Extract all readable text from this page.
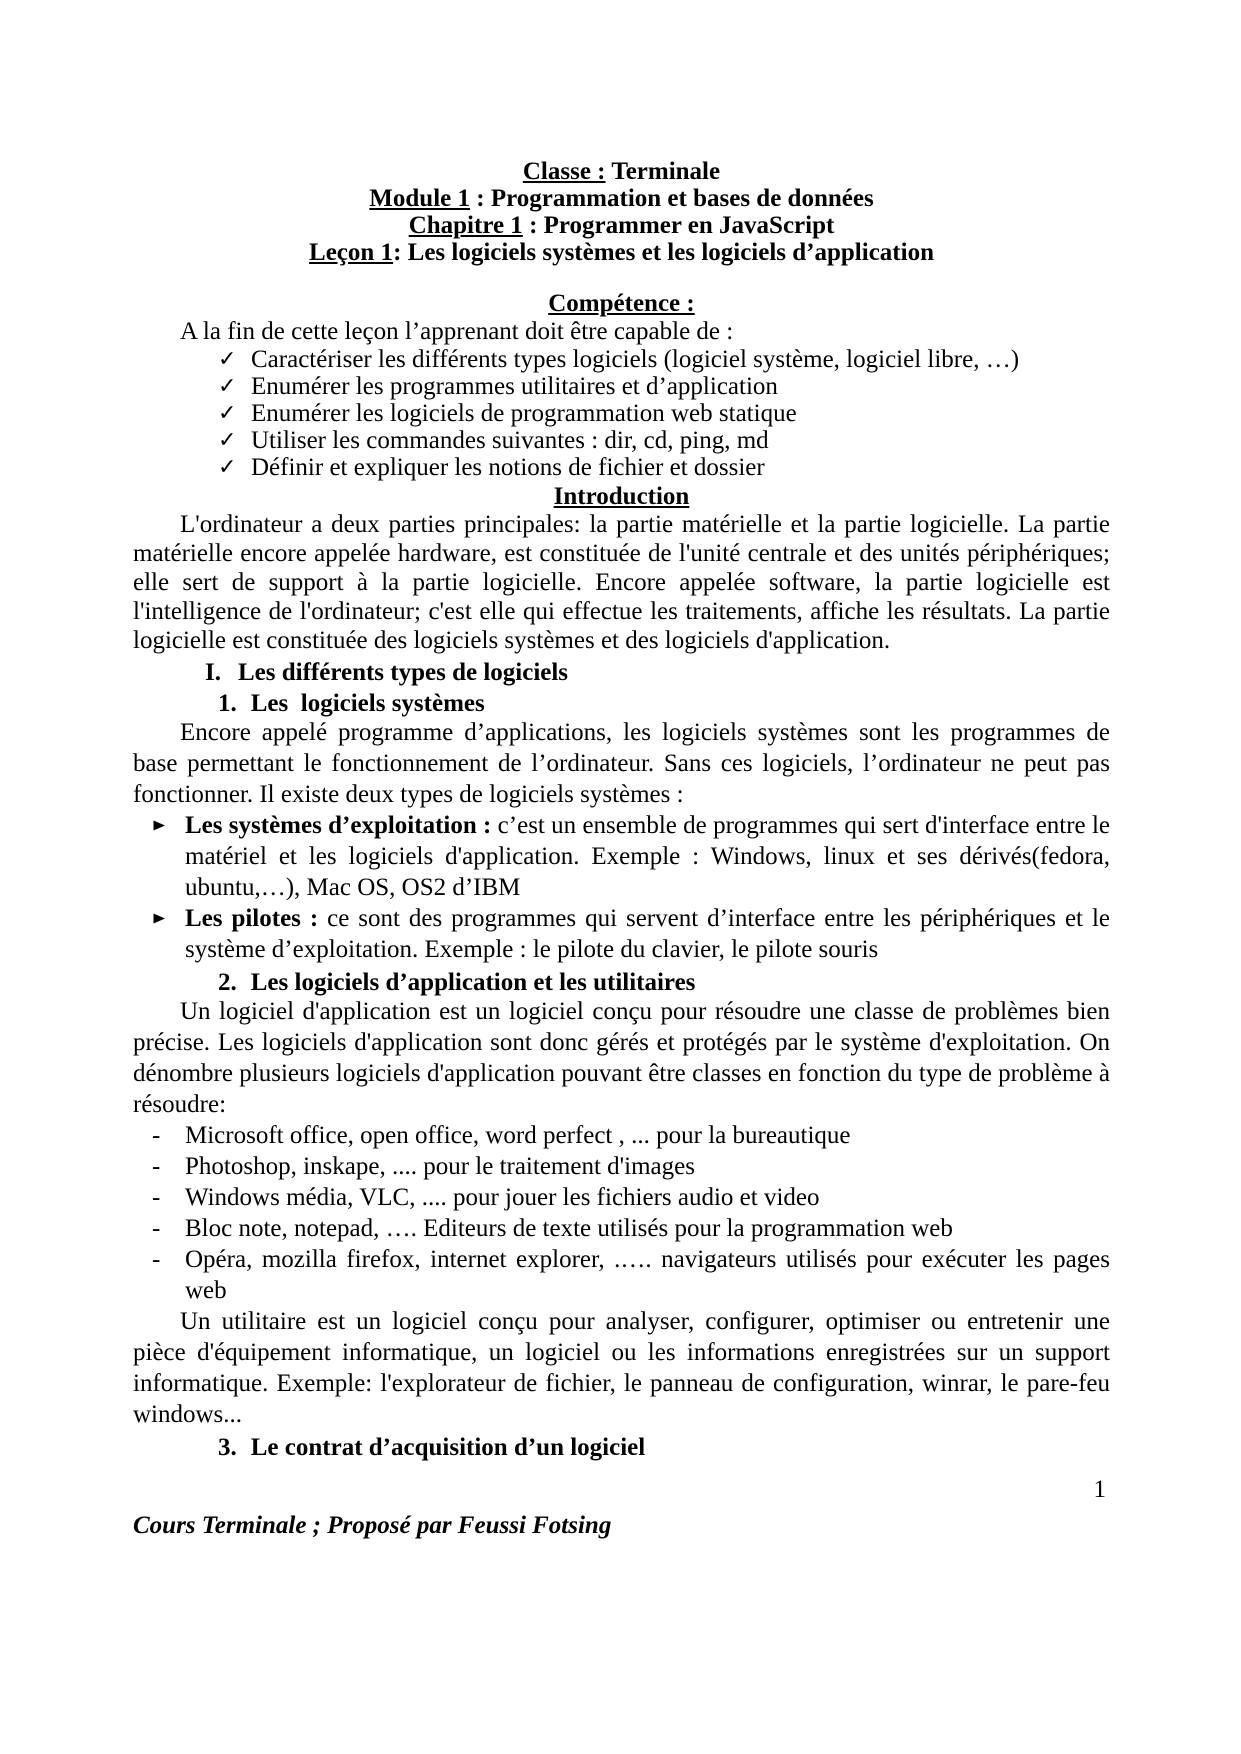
Classe : Terminale
Module 1 : Programmation et bases de données
Chapitre 1 : Programmer en JavaScript
Leçon 1: Les logiciels systèmes et les logiciels d’application
Compétence :

A la fin de cette leçon l’apprenant doit être capable de :

✓ Caractériser les différents types logiciels (logiciel système, logiciel libre, …)
✓ Enumérer les programmes utilitaires et d’application
✓ Enumérer les logiciels de programmation web statique
✓ Utiliser les commandes suivantes : dir, cd, ping, md
✓ Définir et expliquer les notions de fichier et dossier
Introduction

L'ordinateur a deux parties principales: la partie matérielle et la partie logicielle. La partie matérielle encore appelée hardware, est constituée de l'unité centrale et des unités périphériques; elle sert de support à la partie logicielle. Encore appelée software, la partie logicielle est l'intelligence de l'ordinateur; c'est elle qui effectue les traitements, affiche les résultats. La partie logicielle est constituée des logiciels systèmes et des logiciels d'application.

I. Les différents types de logiciels
1. Les  logiciels systèmes

Encore appelé programme d’applications, les logiciels systèmes sont les programmes de base permettant le fonctionnement de l’ordinateur. Sans ces logiciels, l’ordinateur ne peut pas fonctionner. Il existe deux types de logiciels systèmes :

Les systèmes d’exploitation : c’est un ensemble de programmes qui sert d'interface entre le matériel et les logiciels d'application. Exemple : Windows, linux et ses dérivés(fedora, ubuntu,…), Mac OS, OS2 d’IBM
Les pilotes : ce sont des programmes qui servent d’interface entre les périphériques et le système d’exploitation. Exemple : le pilote du clavier, le pilote souris
2. Les logiciels d’application et les utilitaires

Un logiciel d'application est un logiciel conçu pour résoudre une classe de problèmes bien précise. Les logiciels d'application sont donc gérés et protégés par le système d'exploitation. On dénombre plusieurs logiciels d'application pouvant être classes en fonction du type de problème à résoudre:

- Microsoft office, open office, word perfect , ... pour la bureautique
- Photoshop, inskape, .... pour le traitement d'images
- Windows média, VLC, .... pour jouer les fichiers audio et video
- Bloc note, notepad, …. Editeurs de texte utilisés pour la programmation web
- Opéra, mozilla firefox, internet explorer, .…. navigateurs utilisés pour exécuter les pages web

Un utilitaire est un logiciel conçu pour analyser, configurer, optimiser ou entretenir une pièce d'équipement informatique, un logiciel ou les informations enregistrées sur un support informatique. Exemple: l'explorateur de fichier, le panneau de configuration, winrar, le pare-feu windows...

3. Le contrat d’acquisition d’un logiciel
1
Cours Terminale ; Proposé par Feussi Fotsing
